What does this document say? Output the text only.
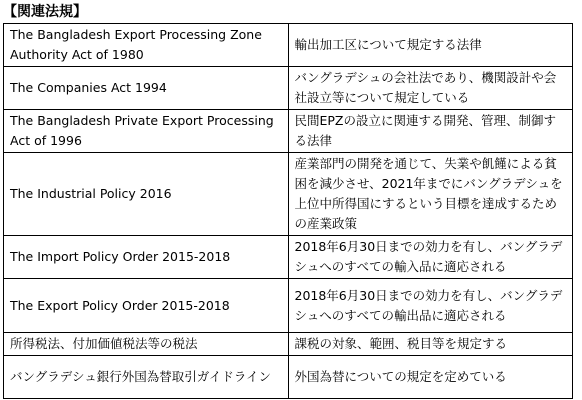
【関連法規】
The Bangladesh Export Processing Zone Authority Act of 1980	輸出加工区について規定する法律
The Companies Act 1994	バングラデシュの会社法であり、機関設計や会社設立等について規定している
The Bangladesh Private Export Processing Act of 1996	民間EPZの設立に関連する開発、管理、制御する法律
The Industrial Policy 2016	産業部門の開発を通じて、失業や飢饉による貧困を減少させ、2021年までにバングラデシュを上位中所得国にするという目標を達成するための産業政策
The Import Policy Order 2015-2018	2018年6月30日までの効力を有し、バングラデシュへのすべての輸入品に適応される
The Export Policy Order 2015-2018	2018年6月30日までの効力を有し、バングラデシュへのすべての輸出品に適応される
所得税法、付加価値税法等の税法	課税の対象、範囲、税目等を規定する
バングラデシュ銀行外国為替取引ガイドライン	外国為替についての規定を定めている
